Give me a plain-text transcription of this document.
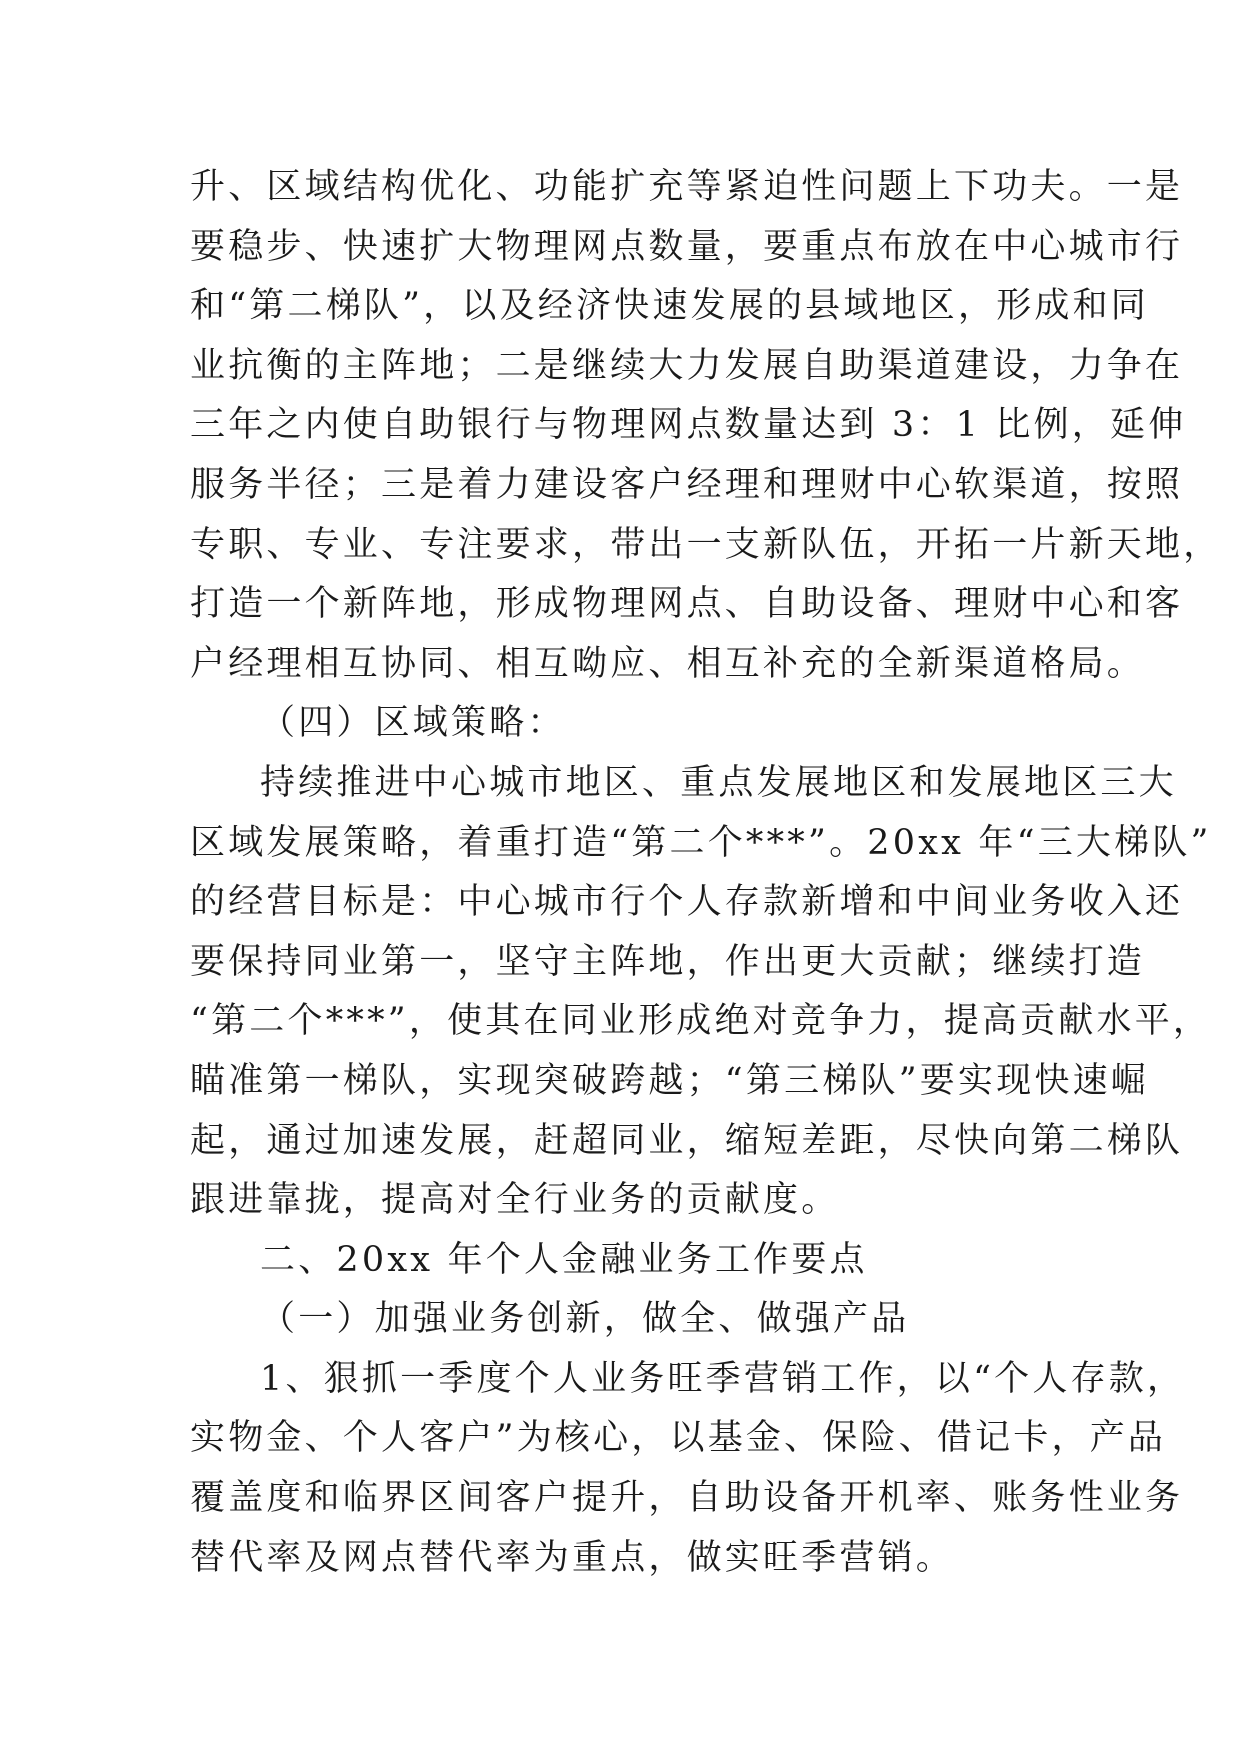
升、区域结构优化、功能扩充等紧迫性问题上下功夫。一是
要稳步、快速扩大物理网点数量，要重点布放在中心城市行
和“第二梯队”，以及经济快速发展的县域地区，形成和同
业抗衡的主阵地；二是继续大力发展自助渠道建设，力争在
三年之内使自助银行与物理网点数量达到 3：1 比例，延伸
服务半径；三是着力建设客户经理和理财中心软渠道，按照
专职、专业、专注要求，带出一支新队伍，开拓一片新天地，
打造一个新阵地，形成物理网点、自助设备、理财中心和客
户经理相互协同、相互呦应、相互补充的全新渠道格局。
（四）区域策略：
持续推进中心城市地区、重点发展地区和发展地区三大
区域发展策略，着重打造“第二个***”。20xx 年“三大梯队”
的经营目标是：中心城市行个人存款新增和中间业务收入还
要保持同业第一，坚守主阵地，作出更大贡献；继续打造
“第二个***”，使其在同业形成绝对竞争力，提高贡献水平，
瞄准第一梯队，实现突破跨越；“第三梯队”要实现快速崛
起，通过加速发展，赶超同业，缩短差距，尽快向第二梯队
跟进靠拢，提高对全行业务的贡献度。
二、20xx 年个人金融业务工作要点
（一）加强业务创新，做全、做强产品
1、狠抓一季度个人业务旺季营销工作，以“个人存款，
实物金、个人客户”为核心，以基金、保险、借记卡，产品
覆盖度和临界区间客户提升，自助设备开机率、账务性业务
替代率及网点替代率为重点，做实旺季营销。
